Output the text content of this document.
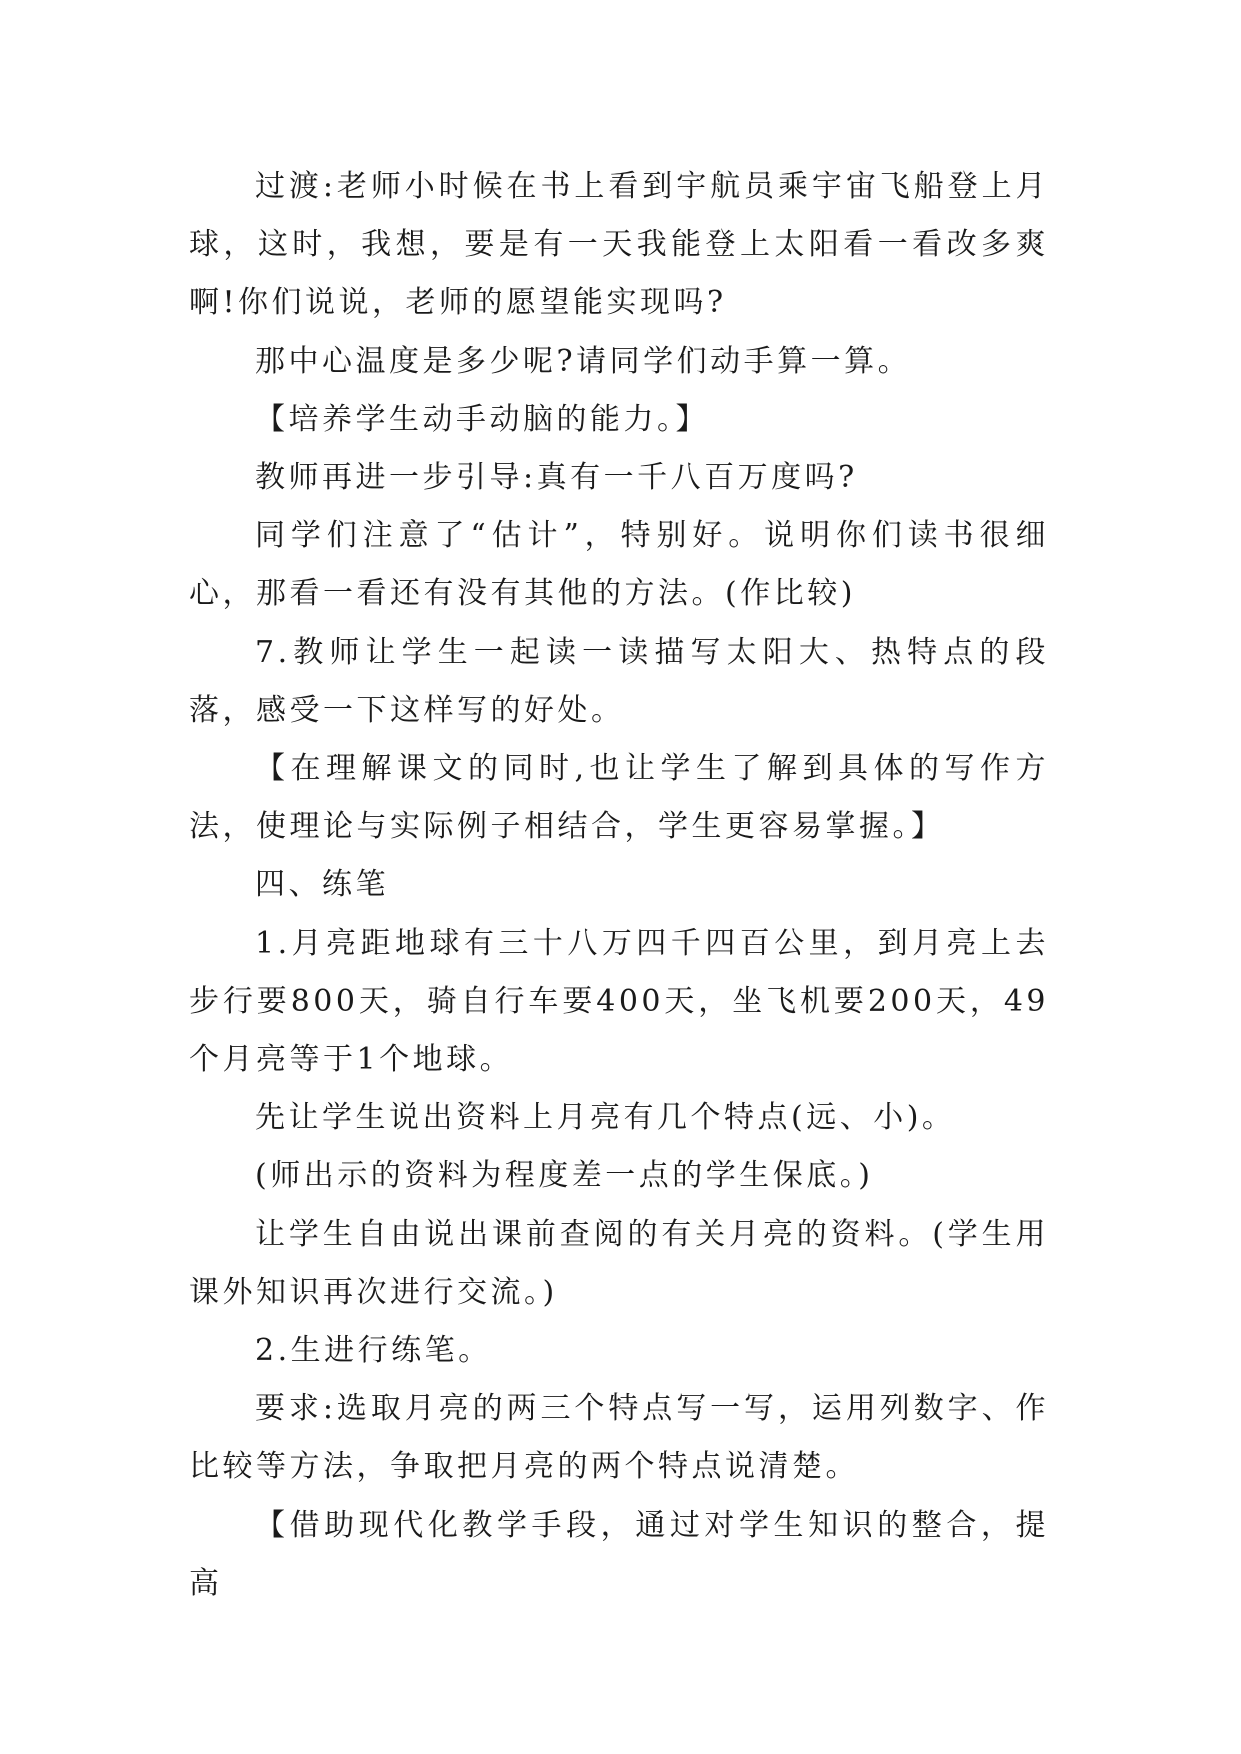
过渡:老师小时候在书上看到宇航员乘宇宙飞船登上月球，这时，我想，要是有一天我能登上太阳看一看改多爽啊!你们说说，老师的愿望能实现吗?

那中心温度是多少呢?请同学们动手算一算。

【培养学生动手动脑的能力。】

教师再进一步引导:真有一千八百万度吗?

同学们注意了“估计”，特别好。说明你们读书很细心，那看一看还有没有其他的方法。(作比较)

7.教师让学生一起读一读描写太阳大、热特点的段落，感受一下这样写的好处。

【在理解课文的同时,也让学生了解到具体的写作方法，使理论与实际例子相结合，学生更容易掌握。】

四、练笔

1.月亮距地球有三十八万四千四百公里，到月亮上去步行要800天，骑自行车要400天，坐飞机要200天，49个月亮等于1个地球。

先让学生说出资料上月亮有几个特点(远、小)。

(师出示的资料为程度差一点的学生保底。)

让学生自由说出课前查阅的有关月亮的资料。(学生用课外知识再次进行交流。)

2.生进行练笔。

要求:选取月亮的两三个特点写一写，运用列数字、作比较等方法，争取把月亮的两个特点说清楚。

【借助现代化教学手段，通过对学生知识的整合，提高
